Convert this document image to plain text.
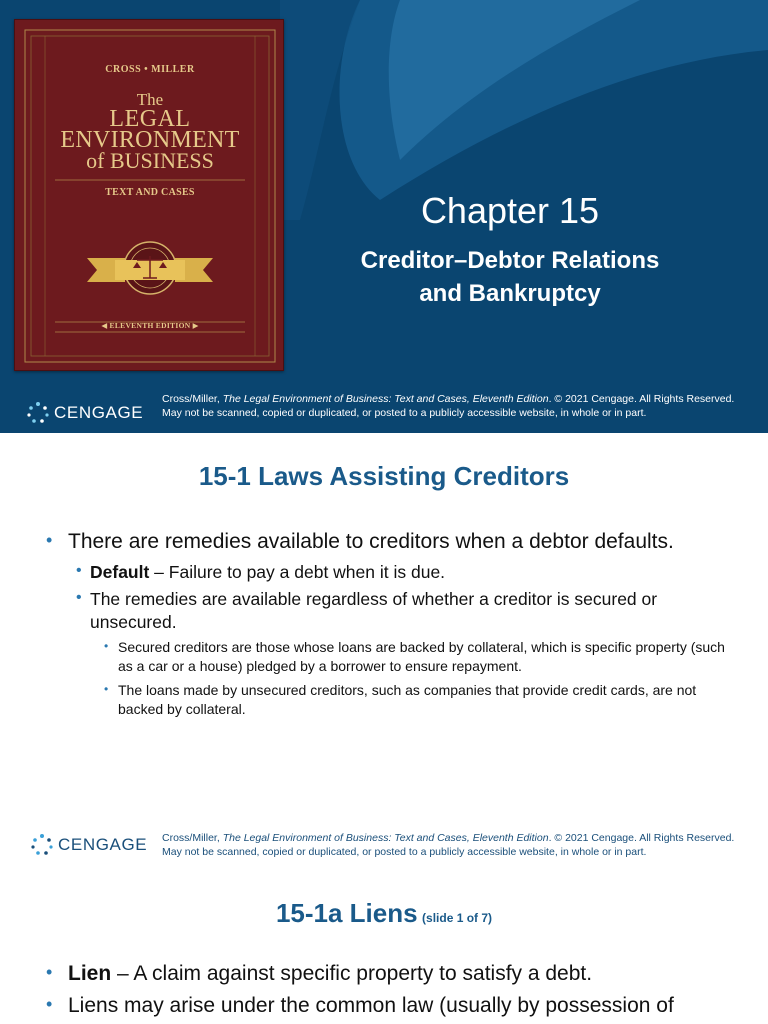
CROSS • MILLER
The
LEGAL
ENVIRONMENT
of BUSINESS
TEXT AND CASES
◀ ELEVENTH EDITION ▶
Chapter 15
Creditor–Debtor Relations
and Bankruptcy
CENGAGE
Cross/Miller, The Legal Environment of Business: Text and Cases, Eleventh Edition. © 2021 Cengage. All Rights Reserved. May not be scanned, copied or duplicated, or posted to a publicly accessible website, in whole or in part.
15-1 Laws Assisting Creditors
• There are remedies available to creditors when a debtor defaults.
• Default – Failure to pay a debt when it is due.
• The remedies are available regardless of whether a creditor is secured or unsecured.
• Secured creditors are those whose loans are backed by collateral, which is specific property (such as a car or a house) pledged by a borrower to ensure repayment.
• The loans made by unsecured creditors, such as companies that provide credit cards, are not backed by collateral.
CENGAGE Cross/Miller, The Legal Environment of Business: Text and Cases, Eleventh Edition. © 2021 Cengage. All Rights Reserved. May not be scanned, copied or duplicated, or posted to a publicly accessible website, in whole or in part.
15-1a Liens (slide 1 of 7)
• Lien – A claim against specific property to satisfy a debt.
• Liens may arise under the common law (usually by possession of
